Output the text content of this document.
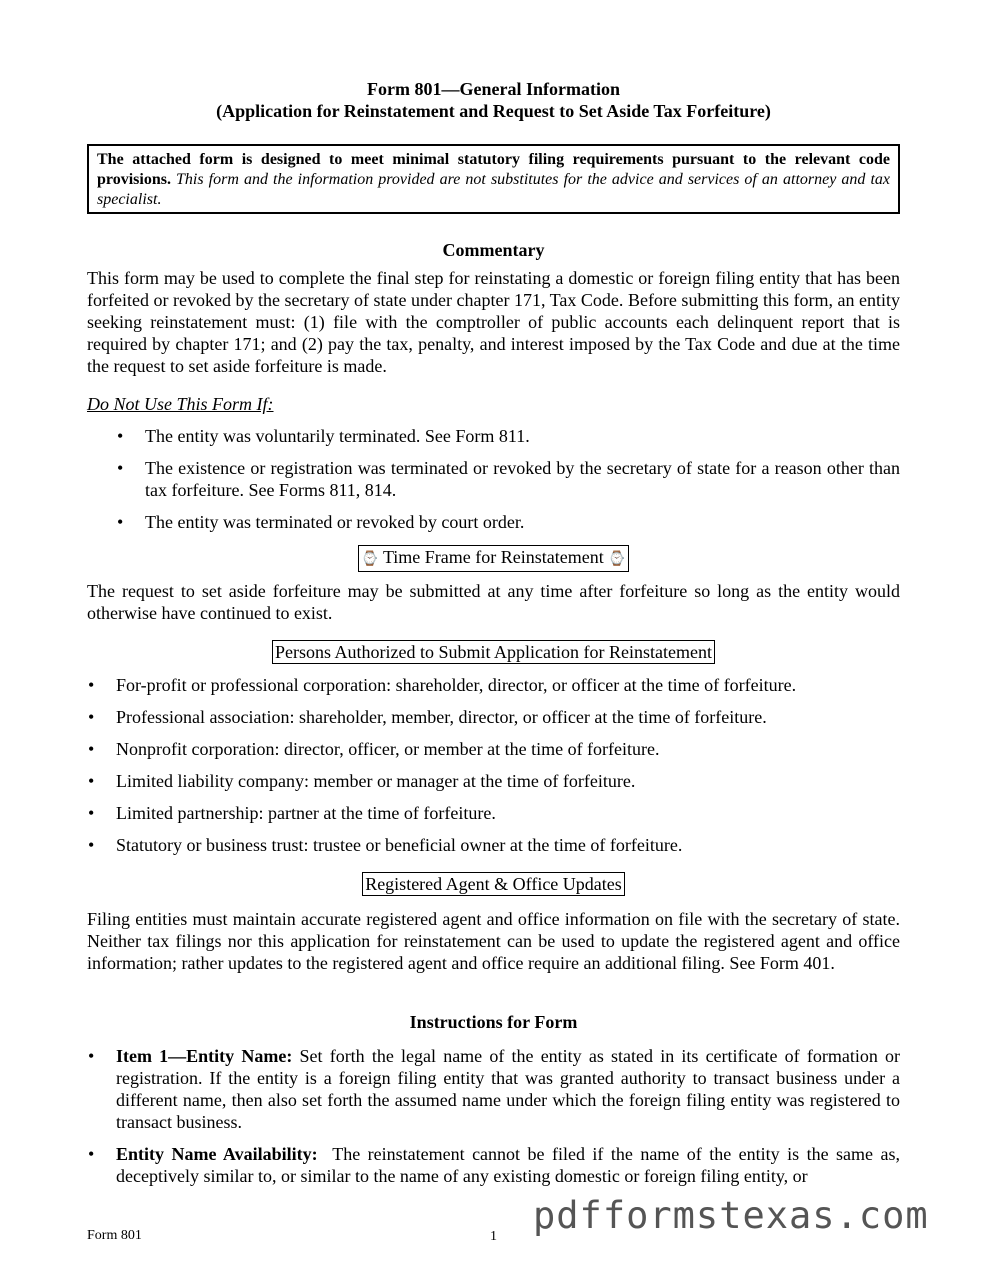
Form 801—General Information
(Application for Reinstatement and Request to Set Aside Tax Forfeiture)
The attached form is designed to meet minimal statutory filing requirements pursuant to the relevant code provisions. This form and the information provided are not substitutes for the advice and services of an attorney and tax specialist.
Commentary

This form may be used to complete the final step for reinstating a domestic or foreign filing entity that has been forfeited or revoked by the secretary of state under chapter 171, Tax Code. Before submitting this form, an entity seeking reinstatement must: (1) file with the comptroller of public accounts each delinquent report that is required by chapter 171; and (2) pay the tax, penalty, and interest imposed by the Tax Code and due at the time the request to set aside forfeiture is made.

Do Not Use This Form If:
• The entity was voluntarily terminated. See Form 811.
• The existence or registration was terminated or revoked by the secretary of state for a reason other than tax forfeiture. See Forms 811, 814.
• The entity was terminated or revoked by court order.
⌚ Time Frame for Reinstatement ⌚

The request to set aside forfeiture may be submitted at any time after forfeiture so long as the entity would otherwise have continued to exist.

Persons Authorized to Submit Application for Reinstatement
• For-profit or professional corporation: shareholder, director, or officer at the time of forfeiture.
• Professional association: shareholder, member, director, or officer at the time of forfeiture.
• Nonprofit corporation: director, officer, or member at the time of forfeiture.
• Limited liability company: member or manager at the time of forfeiture.
• Limited partnership: partner at the time of forfeiture.
• Statutory or business trust: trustee or beneficial owner at the time of forfeiture.
Registered Agent & Office Updates

Filing entities must maintain accurate registered agent and office information on file with the secretary of state. Neither tax filings nor this application for reinstatement can be used to update the registered agent and office information; rather updates to the registered agent and office require an additional filing. See Form 401.

Instructions for Form
• Item 1—Entity Name: Set forth the legal name of the entity as stated in its certificate of formation or registration. If the entity is a foreign filing entity that was granted authority to transact business under a different name, then also set forth the assumed name under which the foreign filing entity was registered to transact business.
• Entity Name Availability: The reinstatement cannot be filed if the name of the entity is the same as, deceptively similar to, or similar to the name of any existing domestic or foreign filing entity, or
Form 801	1 pdfformstexas.com
